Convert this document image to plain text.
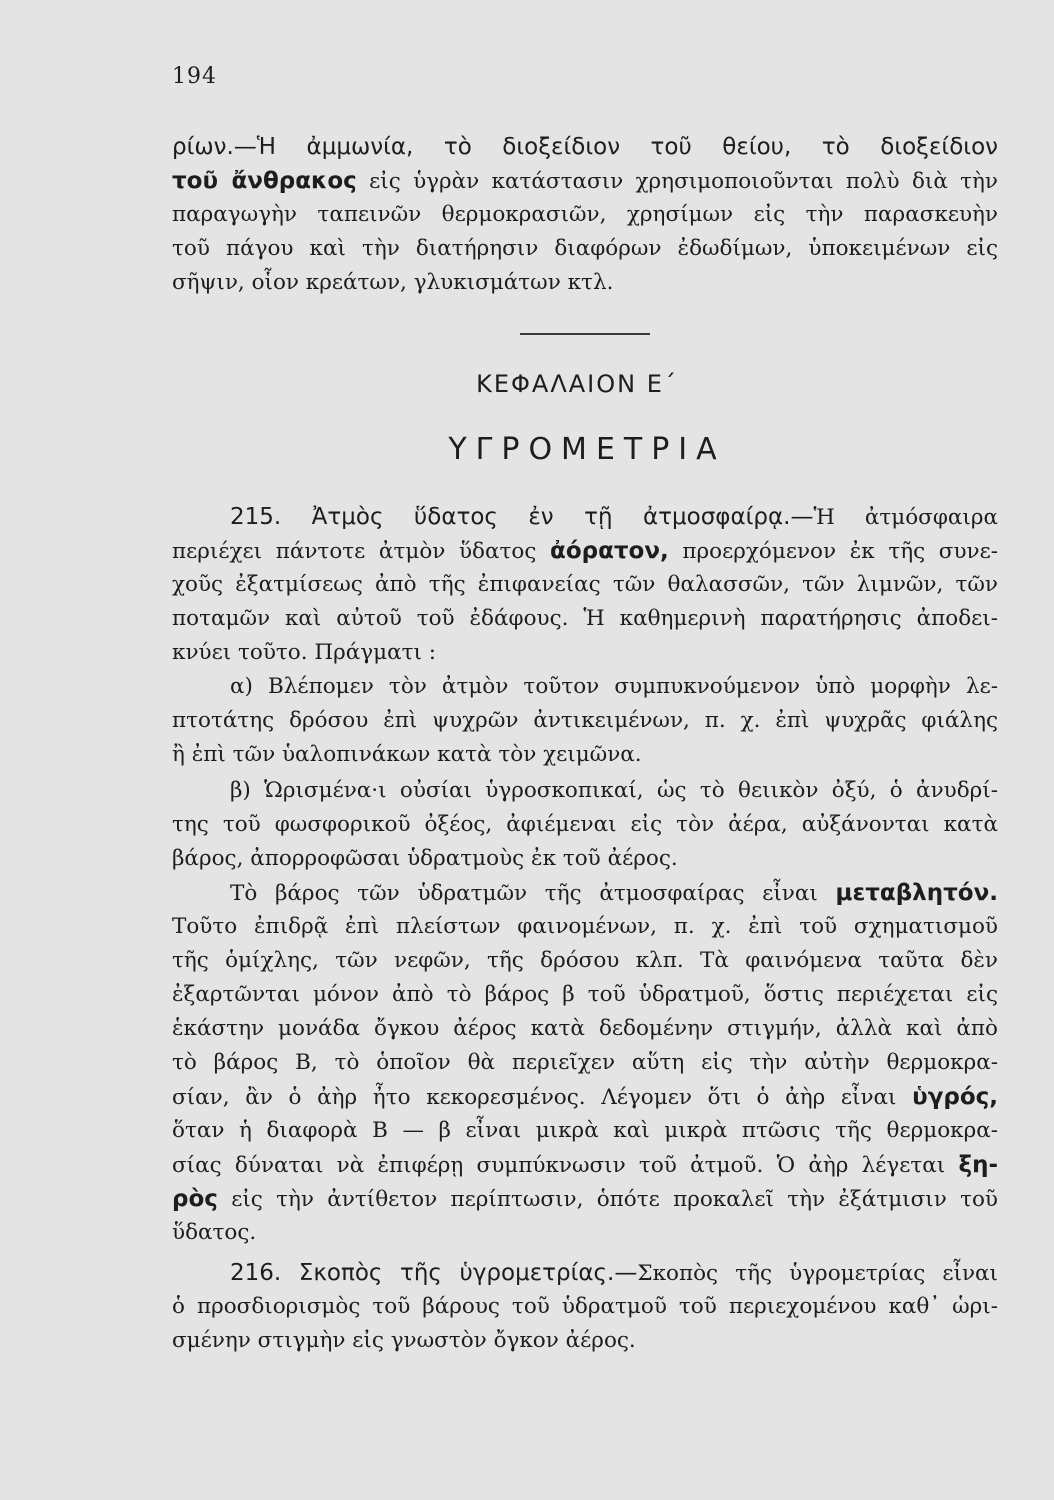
194
ρίων.—Ἡ ἀμμωνία, τὸ διοξείδιον τοῦ θείου, τὸ διοξείδιον
τοῦ ἄνθρακος εἰς ὑγρὰν κατάστασιν χρησιμοποιοῦνται πολὺ διὰ τὴν
παραγωγὴν ταπεινῶν θερμοκρασιῶν, χρησίμων εἰς τὴν παρασκευὴν
τοῦ πάγου καὶ τὴν διατήρησιν διαφόρων ἐδωδίμων, ὑποκειμένων εἰς
σῆψιν, οἷον κρεάτων, γλυκισμάτων κτλ.
ΚΕΦΑΛΑΙΟΝ Ε΄
ΥΓΡΟΜΕΤΡΙΑ
215. Ἀτμὸς ὕδατος ἐν τῇ ἀτμοσφαίρᾳ.—Ἡ ἀτμόσφαιρα
περιέχει πάντοτε ἀτμὸν ὕδατος ἀόρατον, προερχόμενον ἐκ τῆς συνε-
χοῦς ἐξατμίσεως ἀπὸ τῆς ἐπιφανείας τῶν θαλασσῶν, τῶν λιμνῶν, τῶν
ποταμῶν καὶ αὐτοῦ τοῦ ἐδάφους. Ἡ καθημερινὴ παρατήρησις ἀποδει-
κνύει τοῦτο. Πράγματι :
α) Βλέπομεν τὸν ἀτμὸν τοῦτον συμπυκνούμενον ὑπὸ μορφὴν λε-
πτοτάτης δρόσου ἐπὶ ψυχρῶν ἀντικειμένων, π. χ. ἐπὶ ψυχρᾶς φιάλης
ἢ ἐπὶ τῶν ὑαλοπινάκων κατὰ τὸν χειμῶνα.
β) Ὡρισμένα·ι οὐσίαι ὑγροσκοπικαί, ὡς τὸ θειικὸν ὀξύ, ὁ ἀνυδρί-
της τοῦ φωσφορικοῦ ὀξέος, ἀφιέμεναι εἰς τὸν ἀέρα, αὐξάνονται κατὰ
βάρος, ἀπορροφῶσαι ὑδρατμοὺς ἐκ τοῦ ἀέρος.
Τὸ βάρος τῶν ὑδρατμῶν τῆς ἀτμοσφαίρας εἶναι μεταβλητόν.
Τοῦτο ἐπιδρᾷ ἐπὶ πλείστων φαινομένων, π. χ. ἐπὶ τοῦ σχηματισμοῦ
τῆς ὁμίχλης, τῶν νεφῶν, τῆς δρόσου κλπ. Τὰ φαινόμενα ταῦτα δὲν
ἐξαρτῶνται μόνον ἀπὸ τὸ βάρος β τοῦ ὑδρατμοῦ, ὅστις περιέχεται εἰς
ἑκάστην μονάδα ὄγκου ἀέρος κατὰ δεδομένην στιγμήν, ἀλλὰ καὶ ἀπὸ
τὸ βάρος Β, τὸ ὁποῖον θὰ περιεῖχεν αὕτη εἰς τὴν αὐτὴν θερμοκρα-
σίαν, ἂν ὁ ἀὴρ ἦτο κεκορεσμένος. Λέγομεν ὅτι ὁ ἀὴρ εἶναι ὑγρός,
ὅταν ἡ διαφορὰ Β — β εἶναι μικρὰ καὶ μικρὰ πτῶσις τῆς θερμοκρα-
σίας δύναται νὰ ἐπιφέρῃ συμπύκνωσιν τοῦ ἀτμοῦ. Ὁ ἀὴρ λέγεται ξη-
ρὸς εἰς τὴν ἀντίθετον περίπτωσιν, ὁπότε προκαλεῖ τὴν ἐξάτμισιν τοῦ
ὕδατος.
216. Σκοπὸς τῆς ὑγρομετρίας.—Σκοπὸς τῆς ὑγρομετρίας εἶναι
ὁ προσδιορισμὸς τοῦ βάρους τοῦ ὑδρατμοῦ τοῦ περιεχομένου καθ᾽ ὡρι-
σμένην στιγμὴν εἰς γνωστὸν ὄγκον ἀέρος.
